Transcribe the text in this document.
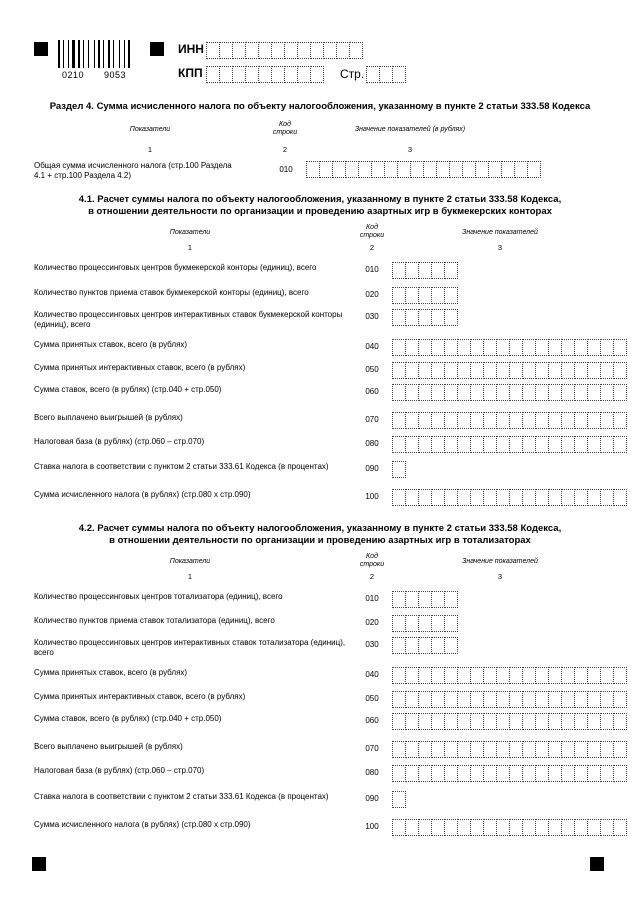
0210 9053
ИНН
КПП	Стр.
Раздел 4. Сумма исчисленного налога по объекту налогообложения, указанному в пункте 2 статьи 333.58 Кодекса
Показатели
Код строки	Значение показателей (в рублях)
1	2	3
Общая сумма исчисленного налога (стр.100 Раздела 4.1 + стр.100 Раздела 4.2)
010
4.1. Расчет суммы налога по объекту налогообложения, указанному в пункте 2 статьи 333.58 Кодекса,
в отношении деятельности по организации и проведению азартных игр в букмекерских конторах
Показатели
Код строки	Значение показателей
1	2	3
Количество процессинговых центров букмекерской конторы (единиц), всего	010
Количество пунктов приема ставок букмекерской конторы (единиц), всего	020
Количество процессинговых центров интерактивных ставок букмекерской конторы (единиц), всего
030
Сумма принятых ставок, всего (в рублях)	040
Сумма принятых интерактивных ставок, всего (в рублях)	050
Сумма ставок, всего (в рублях) (стр.040 + стр.050)	060
Всего выплачено выигрышей (в рублях)	070
Налоговая база (в рублях) (стр.060 – стр.070)	080
Ставка налога в соответствии с пунктом 2 статьи 333.61 Кодекса (в процентах)	090
Сумма исчисленного налога (в рублях) (стр.080 х стр.090)	100
4.2. Расчет суммы налога по объекту налогообложения, указанному в пункте 2 статьи 333.58 Кодекса,
в отношении деятельности по организации и проведению азартных игр в тотализаторах
Показатели
Код строки	Значение показателей
1	2	3
Количество процессинговых центров тотализатора (единиц), всего	010
Количество пунктов приема ставок тотализатора (единиц), всего	020
Количество процессинговых центров интерактивных ставок тотализатора (единиц), всего
030
Сумма принятых ставок, всего (в рублях)	040
Сумма принятых интерактивных ставок, всего (в рублях)	050
Сумма ставок, всего (в рублях) (стр.040 + стр.050)	060
Всего выплачено выигрышей (в рублях)	070
Налоговая база (в рублях) (стр.060 – стр.070)	080
Ставка налога в соответствии с пунктом 2 статьи 333.61 Кодекса (в процентах)	090
Сумма исчисленного налога (в рублях) (стр.080 х стр.090)	100
